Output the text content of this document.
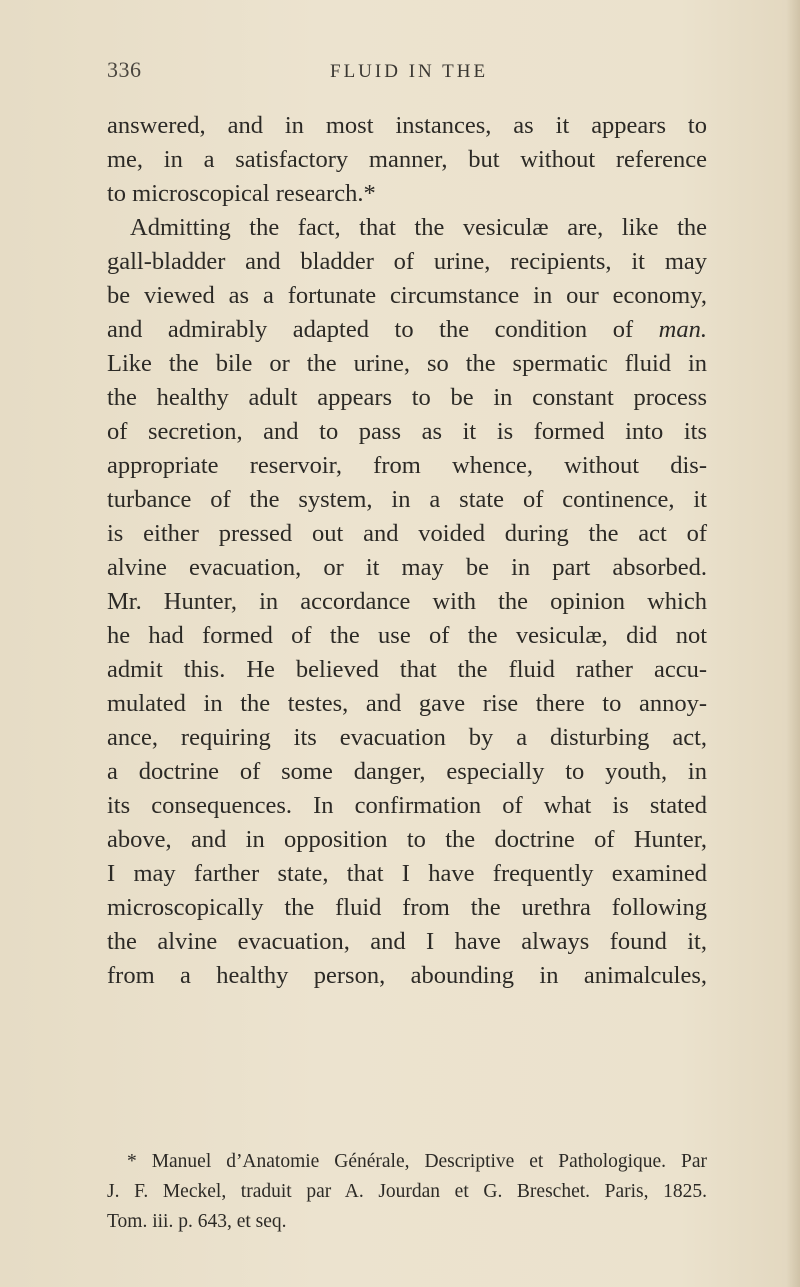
336	FLUID IN THE
answered, and in most instances, as it appears to
me, in a satisfactory manner, but without reference
to microscopical research.*
Admitting the fact, that the vesiculæ are, like the
gall-bladder and bladder of urine, recipients, it may
be viewed as a fortunate circumstance in our economy,
and admirably adapted to the condition of man.
Like the bile or the urine, so the spermatic fluid in
the healthy adult appears to be in constant process
of secretion, and to pass as it is formed into its
appropriate reservoir, from whence, without dis-
turbance of the system, in a state of continence, it
is either pressed out and voided during the act of
alvine evacuation, or it may be in part absorbed.
Mr. Hunter, in accordance with the opinion which
he had formed of the use of the vesiculæ, did not
admit this. He believed that the fluid rather accu-
mulated in the testes, and gave rise there to annoy-
ance, requiring its evacuation by a disturbing act,
a doctrine of some danger, especially to youth, in
its consequences. In confirmation of what is stated
above, and in opposition to the doctrine of Hunter,
I may farther state, that I have frequently examined
microscopically the fluid from the urethra following
the alvine evacuation, and I have always found it,
from a healthy person, abounding in animalcules,
* Manuel d’Anatomie Générale, Descriptive et Pathologique. Par
J. F. Meckel, traduit par A. Jourdan et G. Breschet. Paris, 1825.
Tom. iii. p. 643, et seq.
